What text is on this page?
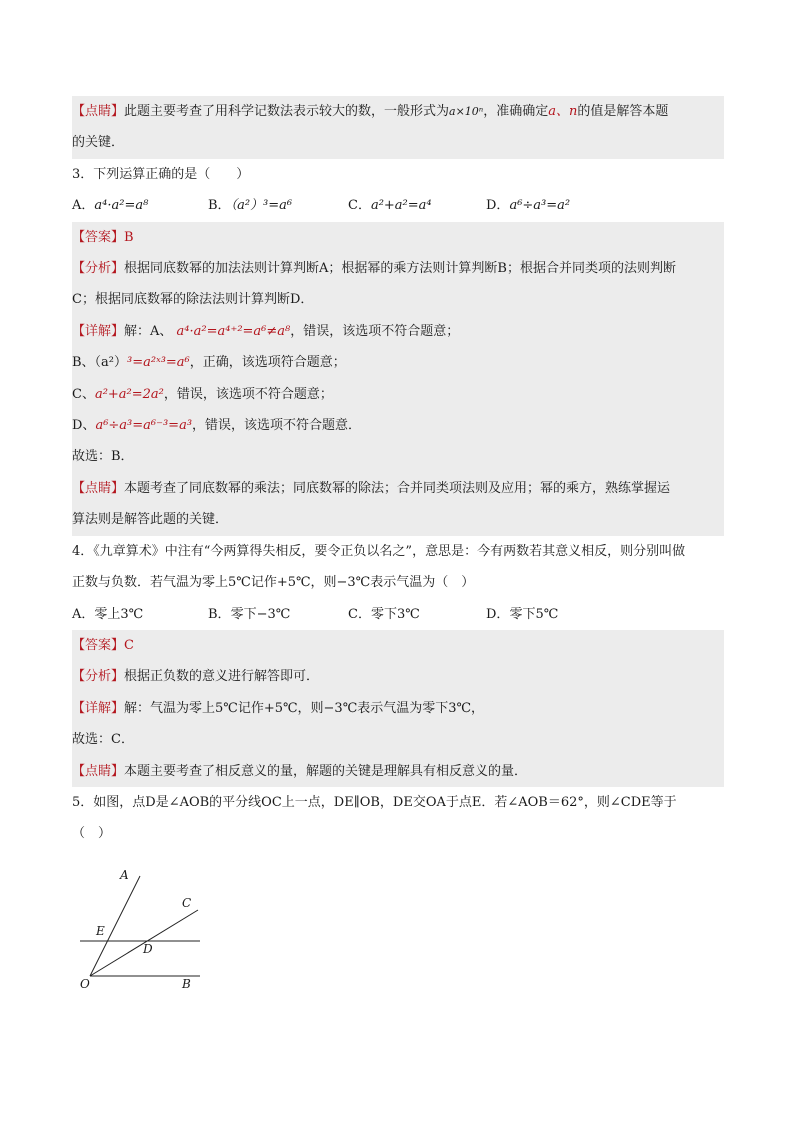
【点睛】此题主要考查了用科学记数法表示较大的数，一般形式为a×10ⁿ，准确确定a、n的值是解答本题
的关键．
3．下列运算正确的是（　　）
A．a⁴·a²=a⁸	B．（a²）³=a⁶	C．a²+a²=a⁴	D．a⁶÷a³=a²
【答案】B
【分析】根据同底数幂的加法法则计算判断A；根据幂的乘方法则计算判断B；根据合并同类项的法则判断
C；根据同底数幂的除法法则计算判断D．
【详解】解：A、 a⁴·a²=a⁴⁺²=a⁶≠a⁸，错误，该选项不符合题意；
B、（a²）³=a²ˣ³=a⁶，正确，该选项符合题意；
C、a²+a²=2a²，错误，该选项不符合题意；
D、a⁶÷a³=a⁶⁻³=a³，错误，该选项不符合题意．
故选：B．
【点睛】本题考查了同底数幂的乘法；同底数幂的除法；合并同类项法则及应用；幂的乘方，熟练掌握运
算法则是解答此题的关键．
4．《九章算术》中注有“今两算得失相反，要令正负以名之”，意思是：今有两数若其意义相反，则分别叫做
正数与负数．若气温为零上5℃记作+5℃，则−3℃表示气温为（　）
A．零上3℃	B．零下−3℃	C．零下3℃	D．零下5℃
【答案】C
【分析】根据正负数的意义进行解答即可．
【详解】解：气温为零上5℃记作+5℃，则−3℃表示气温为零下3℃，
故选：C．
【点睛】本题主要考查了相反意义的量，解题的关键是理解具有相反意义的量．
5．如图，点D是∠AOB的平分线OC上一点，DE∥OB，DE交OA于点E．若∠AOB＝62°，则∠CDE等于
（　）
A
C
E
D
O	B
